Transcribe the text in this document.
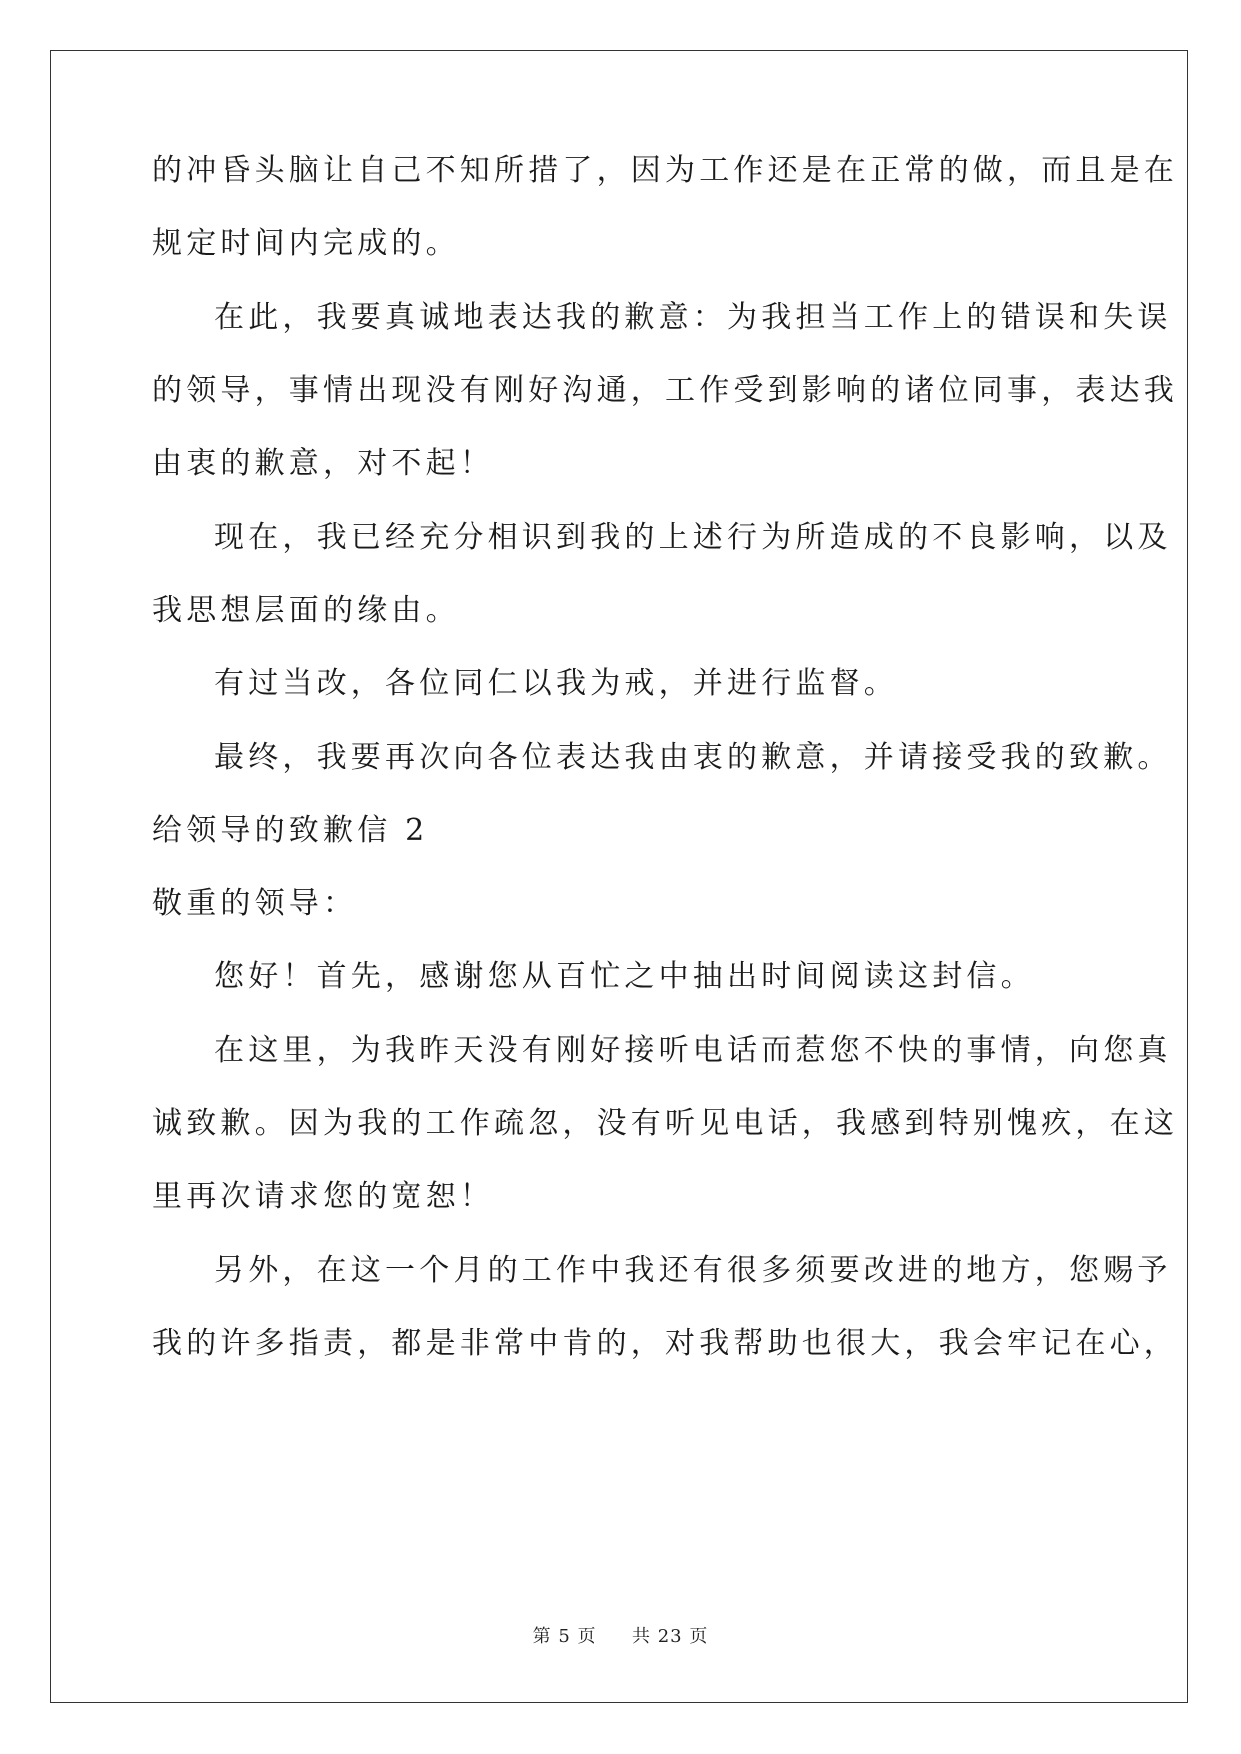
的冲昏头脑让自己不知所措了，因为工作还是在正常的做，而且是在
规定时间内完成的。
在此，我要真诚地表达我的歉意：为我担当工作上的错误和失误
的领导，事情出现没有刚好沟通，工作受到影响的诸位同事，表达我
由衷的歉意，对不起！
现在，我已经充分相识到我的上述行为所造成的不良影响，以及
我思想层面的缘由。
有过当改，各位同仁以我为戒，并进行监督。
最终，我要再次向各位表达我由衷的歉意，并请接受我的致歉。
给领导的致歉信 2
敬重的领导：
您好！首先，感谢您从百忙之中抽出时间阅读这封信。
在这里，为我昨天没有刚好接听电话而惹您不快的事情，向您真
诚致歉。因为我的工作疏忽，没有听见电话，我感到特别愧疚，在这
里再次请求您的宽恕！
另外，在这一个月的工作中我还有很多须要改进的地方，您赐予
我的许多指责，都是非常中肯的，对我帮助也很大，我会牢记在心，
第 5 页 共 23 页
